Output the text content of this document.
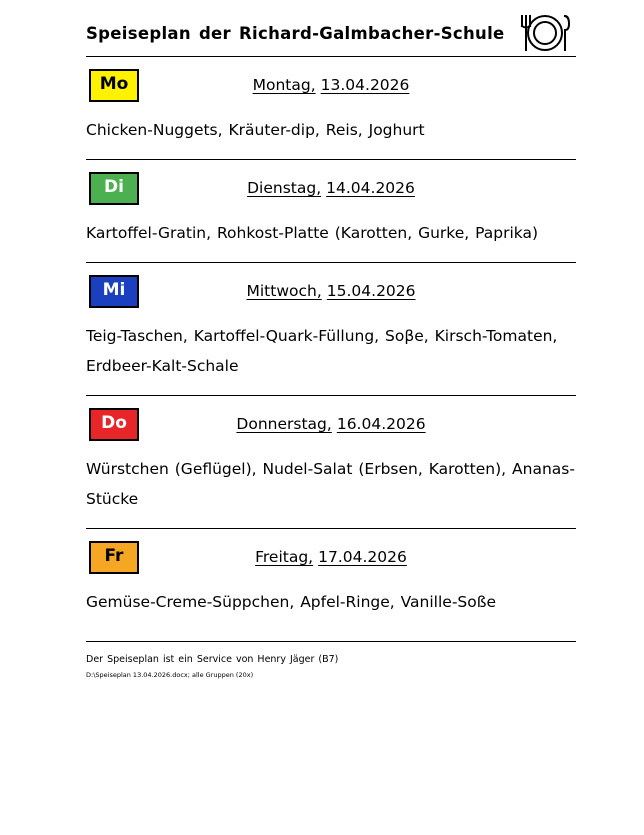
Speiseplan der Richard-Galmbacher-Schule
Mo	Montag, 13.04.2026
Chicken-Nuggets, Kräuter-dip, Reis, Joghurt
Di	Dienstag, 14.04.2026
Kartoffel-Gratin, Rohkost-Platte (Karotten, Gurke, Paprika)
Mi	Mittwoch, 15.04.2026
Teig-Taschen, Kartoffel-Quark-Füllung, Soβe, Kirsch-Tomaten, Erdbeer-Kalt-Schale
Do	Donnerstag, 16.04.2026
Würstchen (Geflügel), Nudel-Salat (Erbsen, Karotten), Ananas-Stücke
Fr	Freitag, 17.04.2026
Gemüse-Creme-Süppchen, Apfel-Ringe, Vanille-Soße
Der Speiseplan ist ein Service von Henry Jäger (B7)
D:\Speiseplan 13.04.2026.docx; alle Gruppen (20x)
